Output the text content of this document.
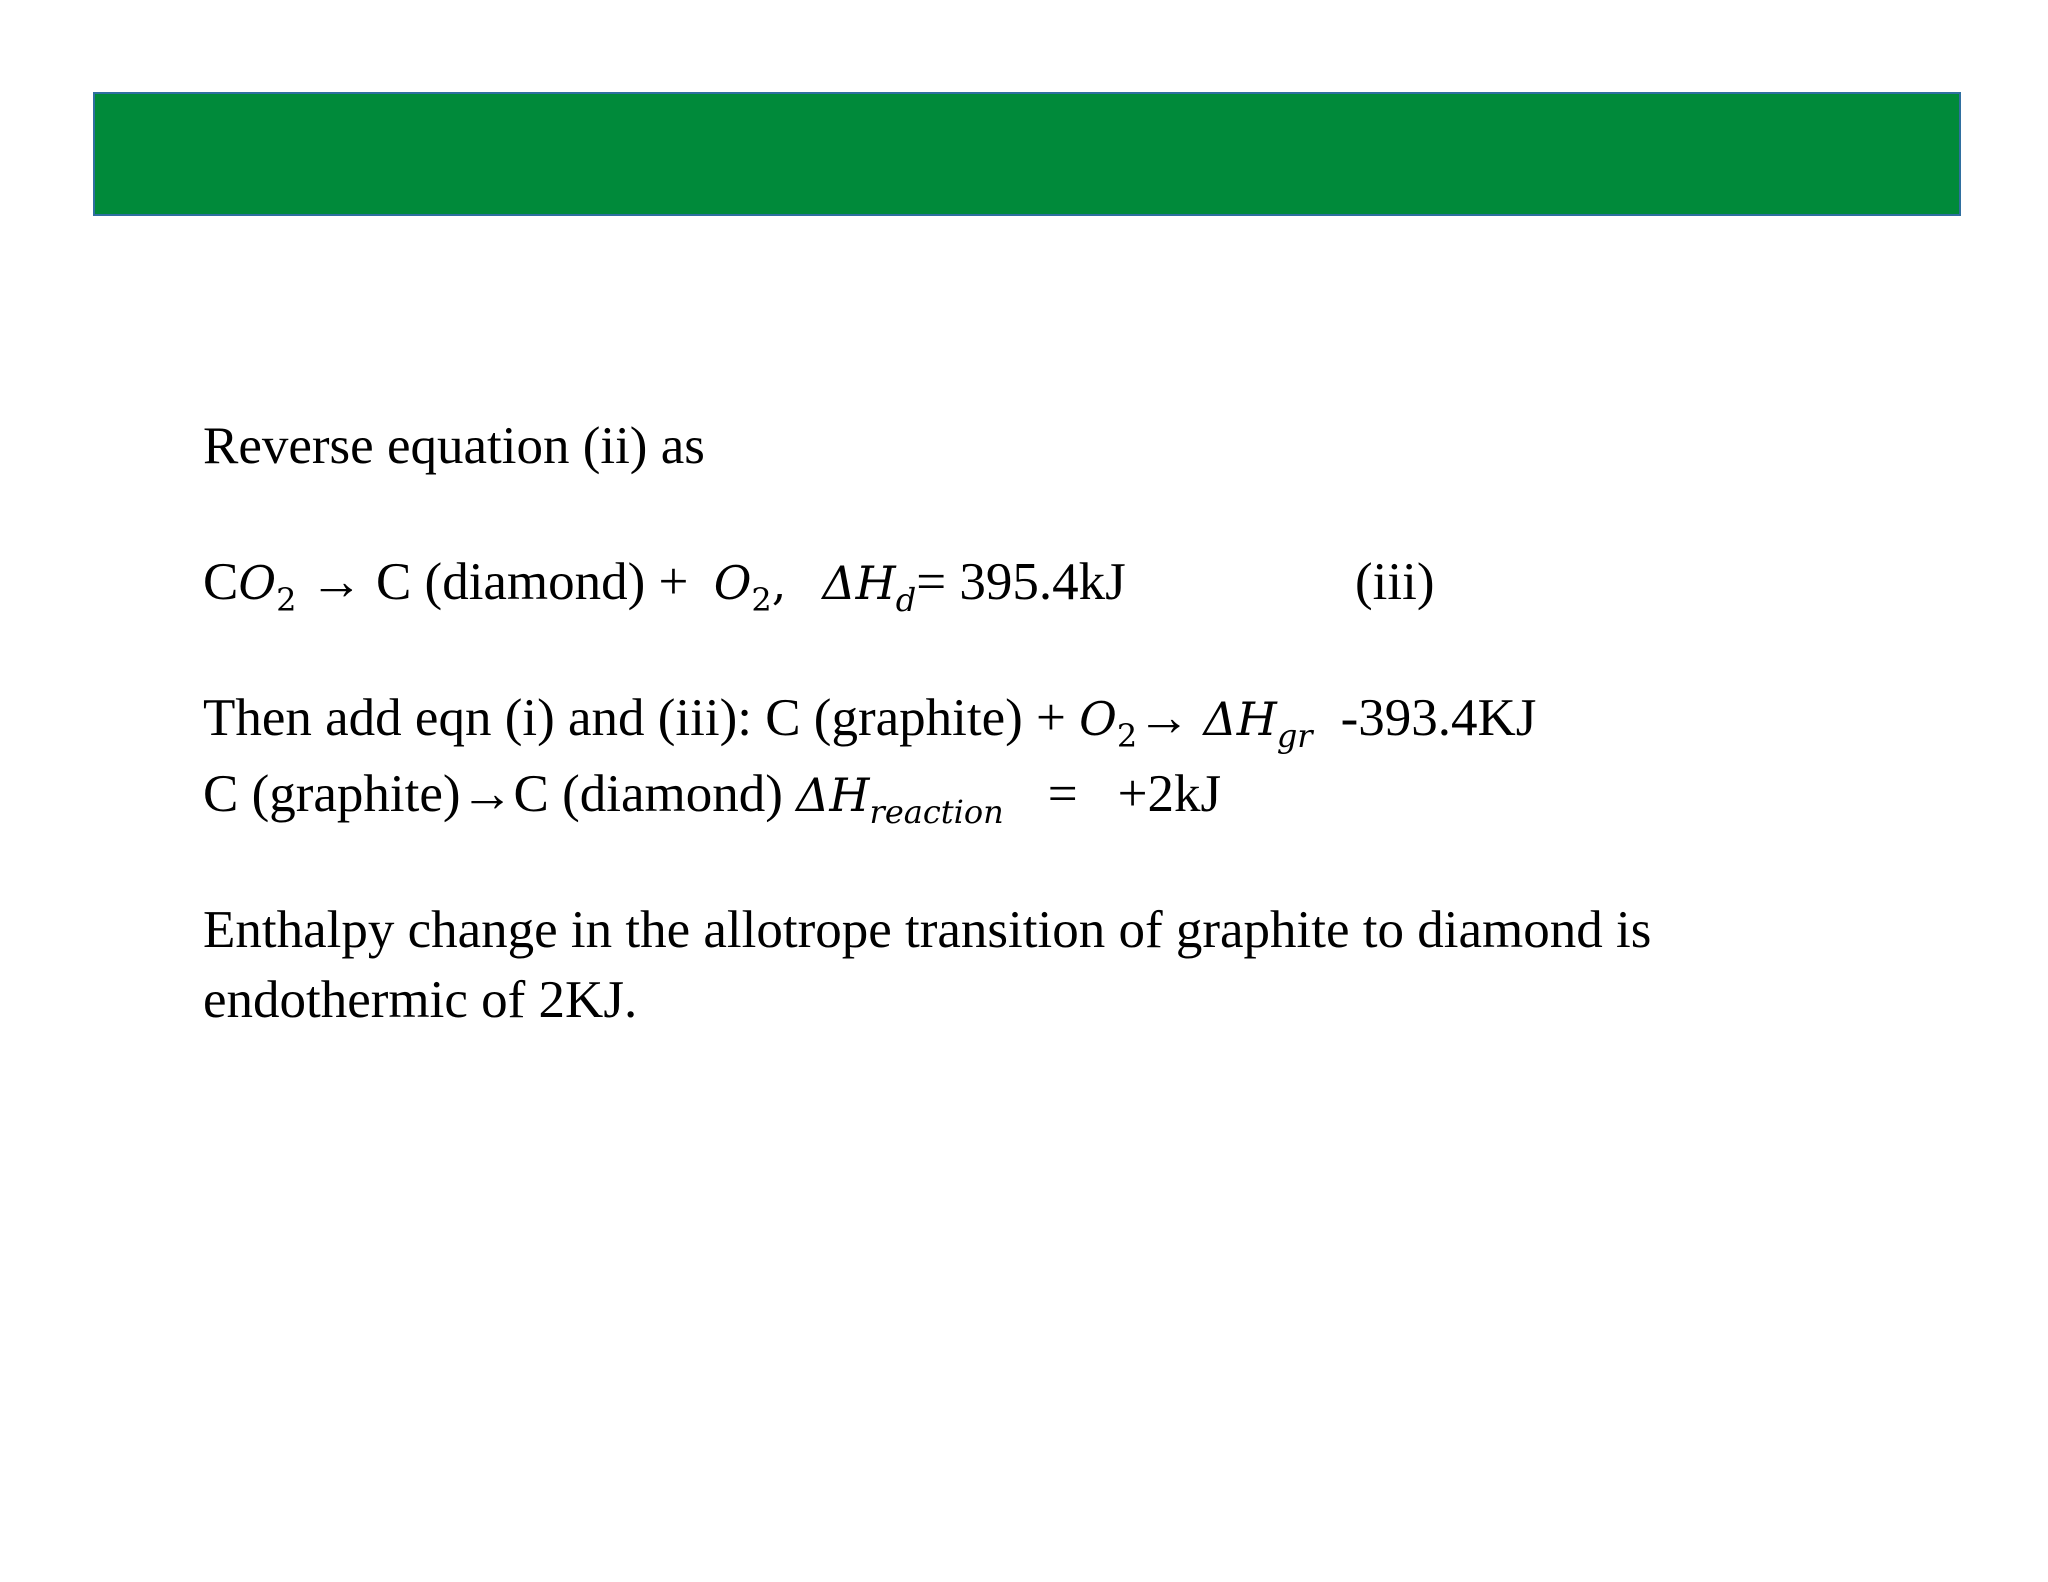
Reverse equation (ii) as
$CO_2 \to C$ (diamond) + $O_2$, $\Delta H_d= 395.4kJ$	(iii)
Then add eqn (i) and (iii): C (graphite) + $O_2\to \Delta H_{gr}$ -393.4KJ
C (graphite)→C (diamond) $\Delta H_{reaction} = +2kJ$
Enthalpy change in the allotrope transition of graphite to diamond is
endothermic of 2KJ.
